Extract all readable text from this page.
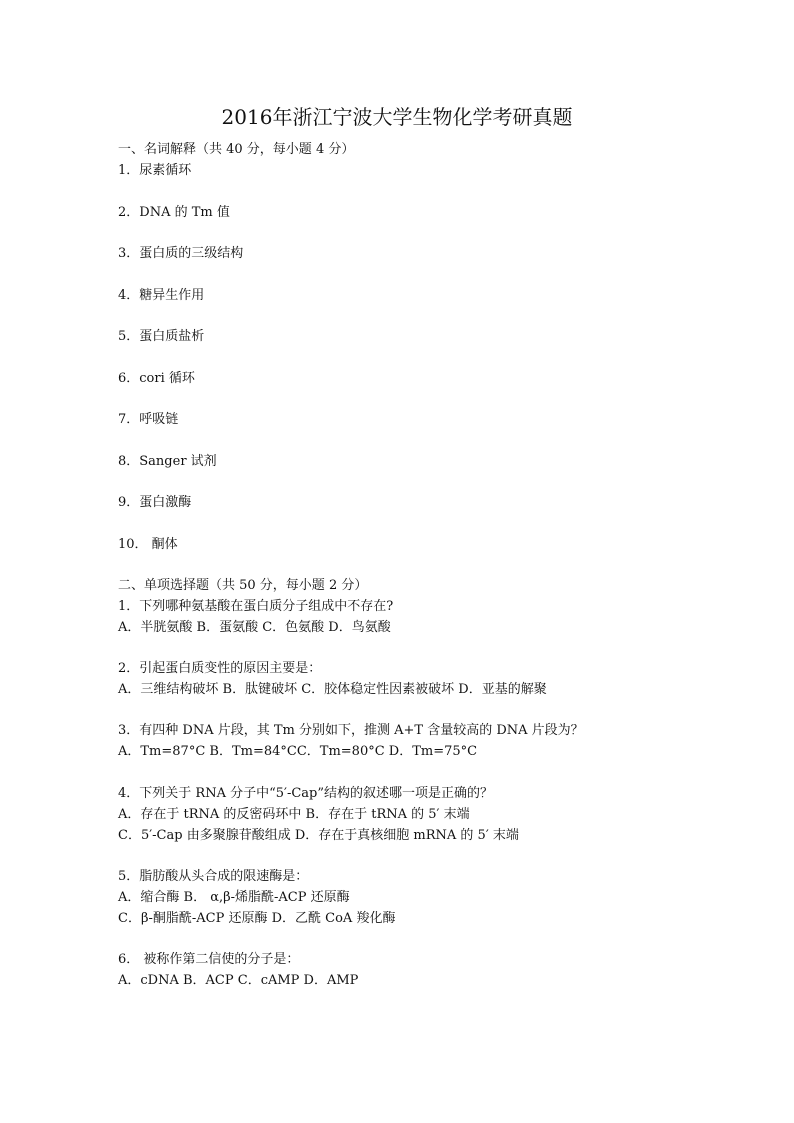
2016年浙江宁波大学生物化学考研真题
一、名词解释（共 40 分，每小题 4 分）
1．尿素循环
2．DNA 的 Tm 值
3．蛋白质的三级结构
4．糖异生作用
5．蛋白质盐析
6．cori 循环
7．呼吸链
8．Sanger 试剂
9．蛋白激酶
10． 酮体
二、单项选择题（共 50 分，每小题 2 分）
1．下列哪种氨基酸在蛋白质分子组成中不存在?
A．半胱氨酸 B．蛋氨酸 C．色氨酸 D．鸟氨酸
2．引起蛋白质变性的原因主要是：
A．三维结构破坏 B．肽键破坏 C．胶体稳定性因素被破坏 D．亚基的解聚
3．有四种 DNA 片段，其 Tm 分别如下，推测 A+T 含量较高的 DNA 片段为？
A．Tm=87°C B．Tm=84°CC．Tm=80°C D．Tm=75°C
4．下列关于 RNA 分子中“5′-Cap”结构的叙述哪一项是正确的？
A．存在于 tRNA 的反密码环中 B．存在于 tRNA 的 5′ 末端
C．5′-Cap 由多聚腺苷酸组成 D．存在于真核细胞 mRNA 的 5′ 末端
5．脂肪酸从头合成的限速酶是：
A．缩合酶 B． α,β-烯脂酰-ACP 还原酶
C．β-酮脂酰-ACP 还原酶 D．乙酰 CoA 羧化酶
6． 被称作第二信使的分子是：
A．cDNA B．ACP C．cAMP D．AMP
